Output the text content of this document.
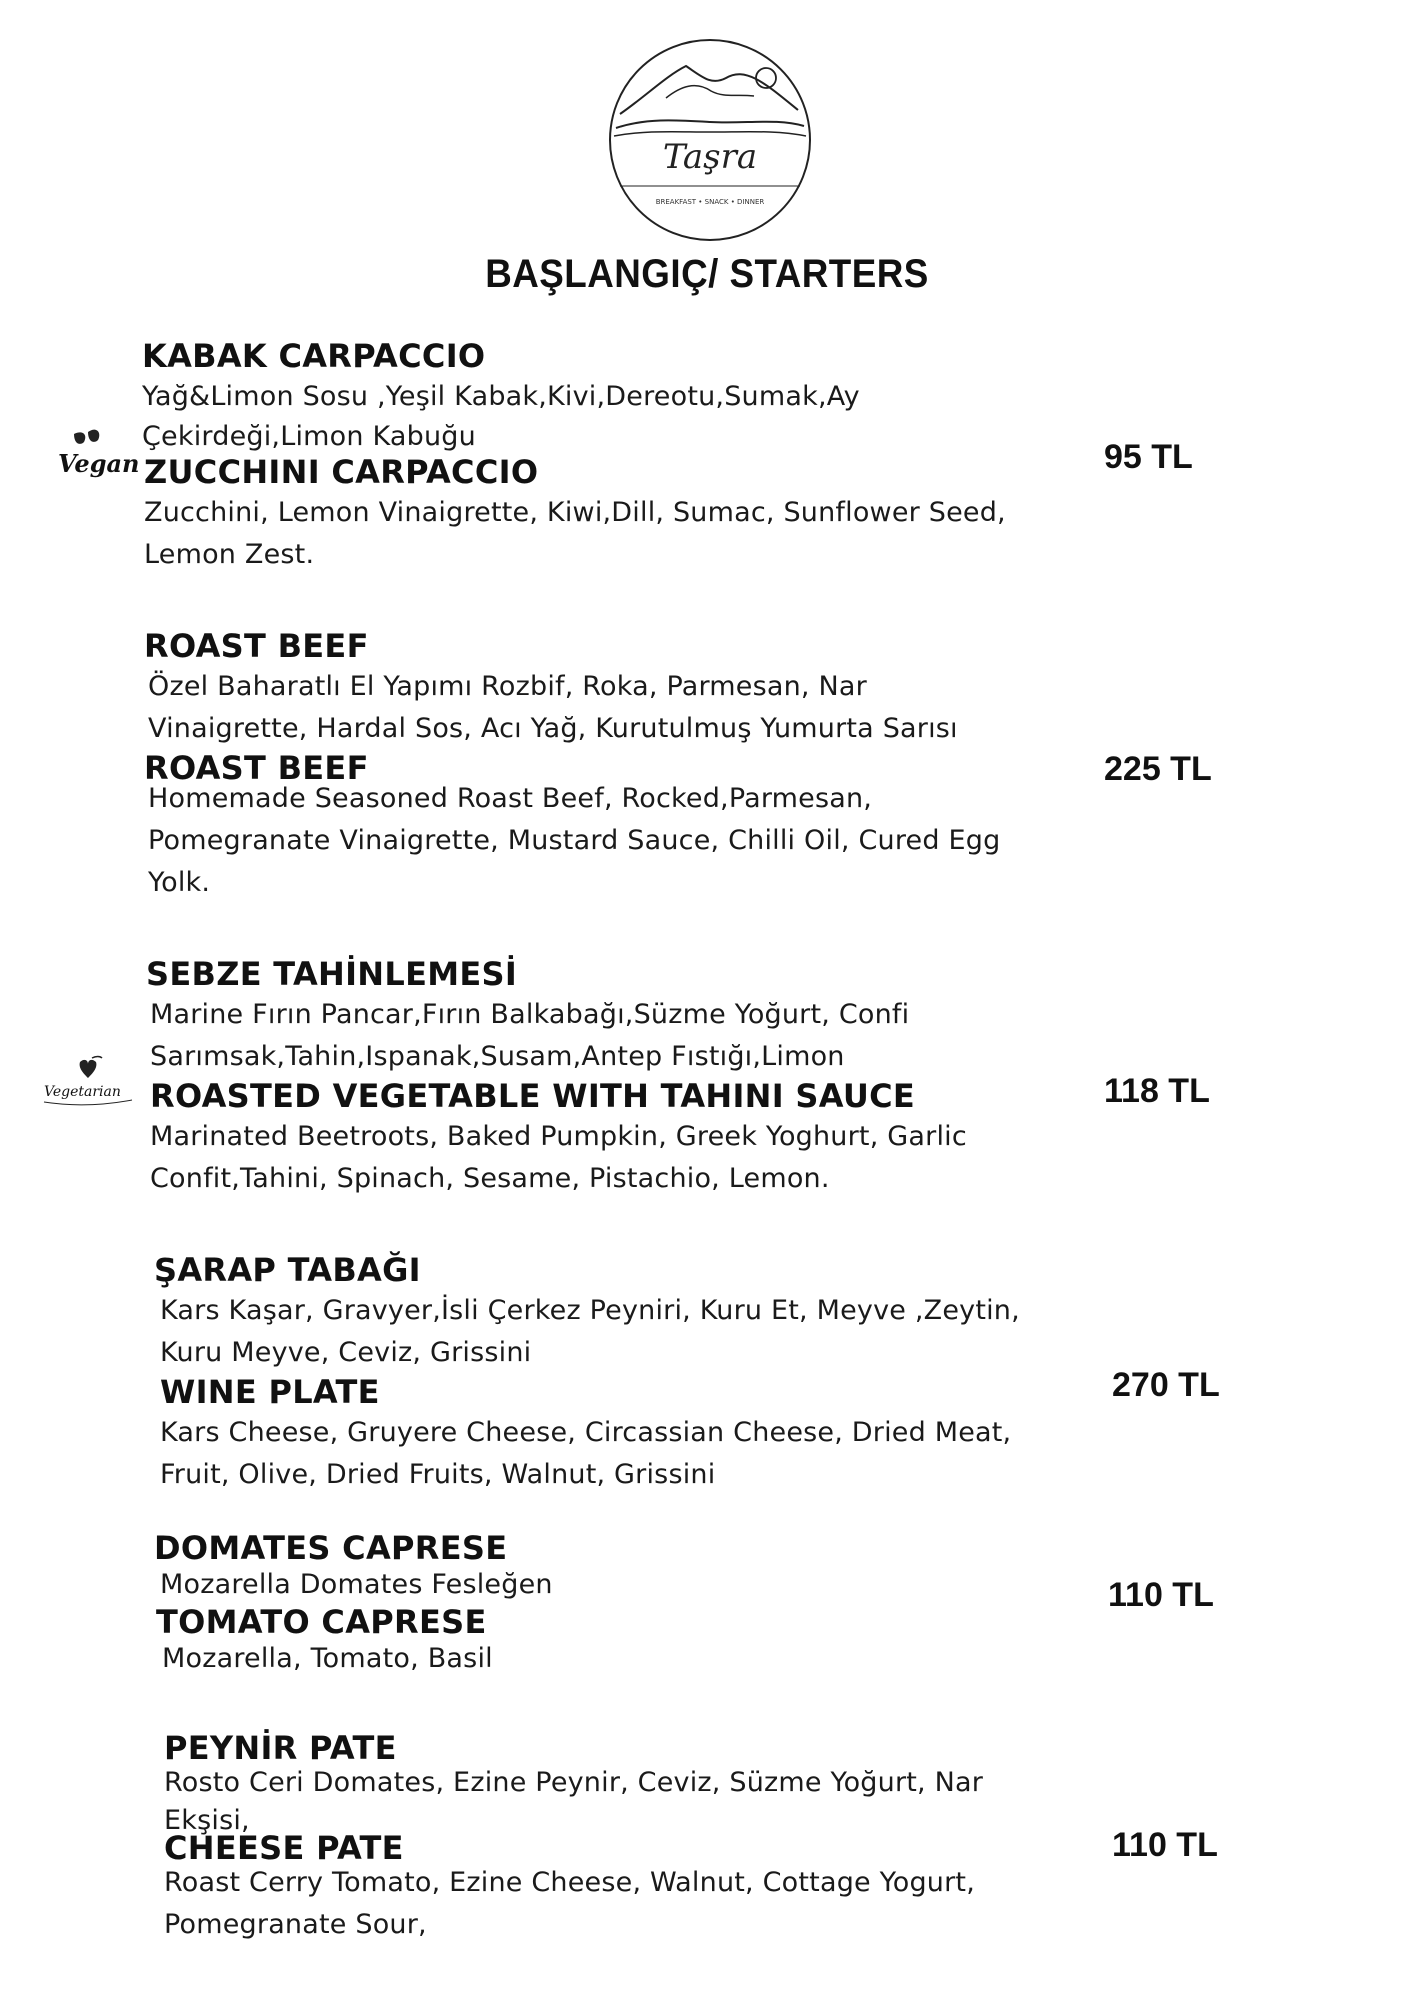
Taşra
BREAKFAST • SNACK • DINNER
BAŞLANGIÇ/ STARTERS
Vegan
Vegetarian
KABAK CARPACCIO
Yağ&Limon Sosu ,Yeşil Kabak,Kivi,Dereotu,Sumak,Ay
Çekirdeği,Limon Kabuğu
ZUCCHINI CARPACCIO
Zucchini, Lemon Vinaigrette, Kiwi,Dill, Sumac, Sunflower Seed,
Lemon Zest.
95 TL
ROAST BEEF
Özel Baharatlı El Yapımı Rozbif, Roka, Parmesan, Nar
Vinaigrette, Hardal Sos, Acı Yağ, Kurutulmuş Yumurta Sarısı
ROAST BEEF
Homemade Seasoned Roast Beef, Rocked,Parmesan,
Pomegranate Vinaigrette, Mustard Sauce, Chilli Oil, Cured Egg
Yolk.
225 TL
SEBZE TAHİNLEMESİ
Marine Fırın Pancar,Fırın Balkabağı,Süzme Yoğurt, Confi
Sarımsak,Tahin,Ispanak,Susam,Antep Fıstığı,Limon
ROASTED VEGETABLE WITH TAHINI SAUCE
Marinated Beetroots, Baked Pumpkin, Greek Yoghurt, Garlic
Confit,Tahini, Spinach, Sesame, Pistachio, Lemon.
118 TL
ŞARAP TABAĞI
Kars Kaşar, Gravyer,İsli Çerkez Peyniri, Kuru Et, Meyve ,Zeytin,
Kuru Meyve, Ceviz, Grissini
WINE PLATE
Kars Cheese, Gruyere Cheese, Circassian Cheese, Dried Meat,
Fruit, Olive, Dried Fruits, Walnut, Grissini
270 TL
DOMATES CAPRESE
Mozarella Domates Fesleğen
TOMATO CAPRESE
Mozarella, Tomato, Basil
110 TL
PEYNİR PATE
Rosto Ceri Domates, Ezine Peynir, Ceviz, Süzme Yoğurt, Nar
Ekşisi,
CHEESE PATE
Roast Cerry Tomato, Ezine Cheese, Walnut, Cottage Yogurt,
Pomegranate Sour,
110 TL
